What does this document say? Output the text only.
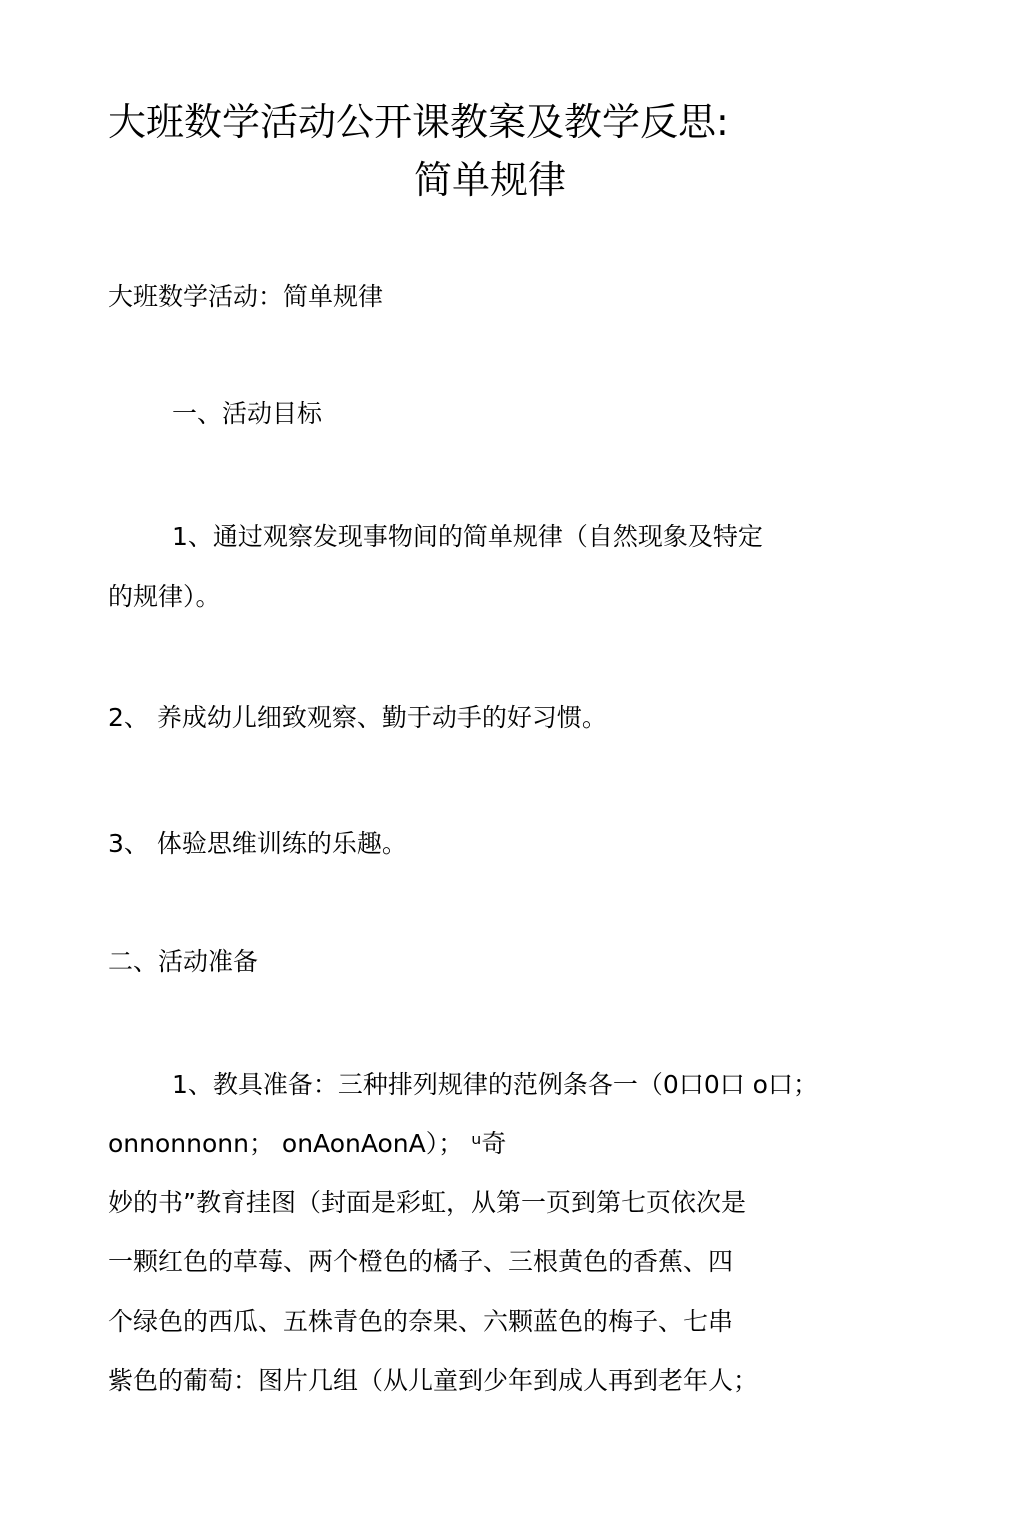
大班数学活动公开课教案及教学反思:
简单规律
大班数学活动：简单规律
一、活动目标
1、通过观察发现事物间的简单规律（自然现象及特定
的规律）。
2、 养成幼儿细致观察、勤于动手的好习惯。
3、 体验思维训练的乐趣。
二、活动准备
1、教具准备：三种排列规律的范例条各一（0口0口 o口；
onnonnonn； onAonAonA）； ᵘ奇
妙的书”教育挂图（封面是彩虹，从第一页到第七页依次是
一颗红色的草莓、两个橙色的橘子、三根黄色的香蕉、四
个绿色的西瓜、五株青色的奈果、六颗蓝色的梅子、七串
紫色的葡萄：图片几组（从儿童到少年到成人再到老年人；
